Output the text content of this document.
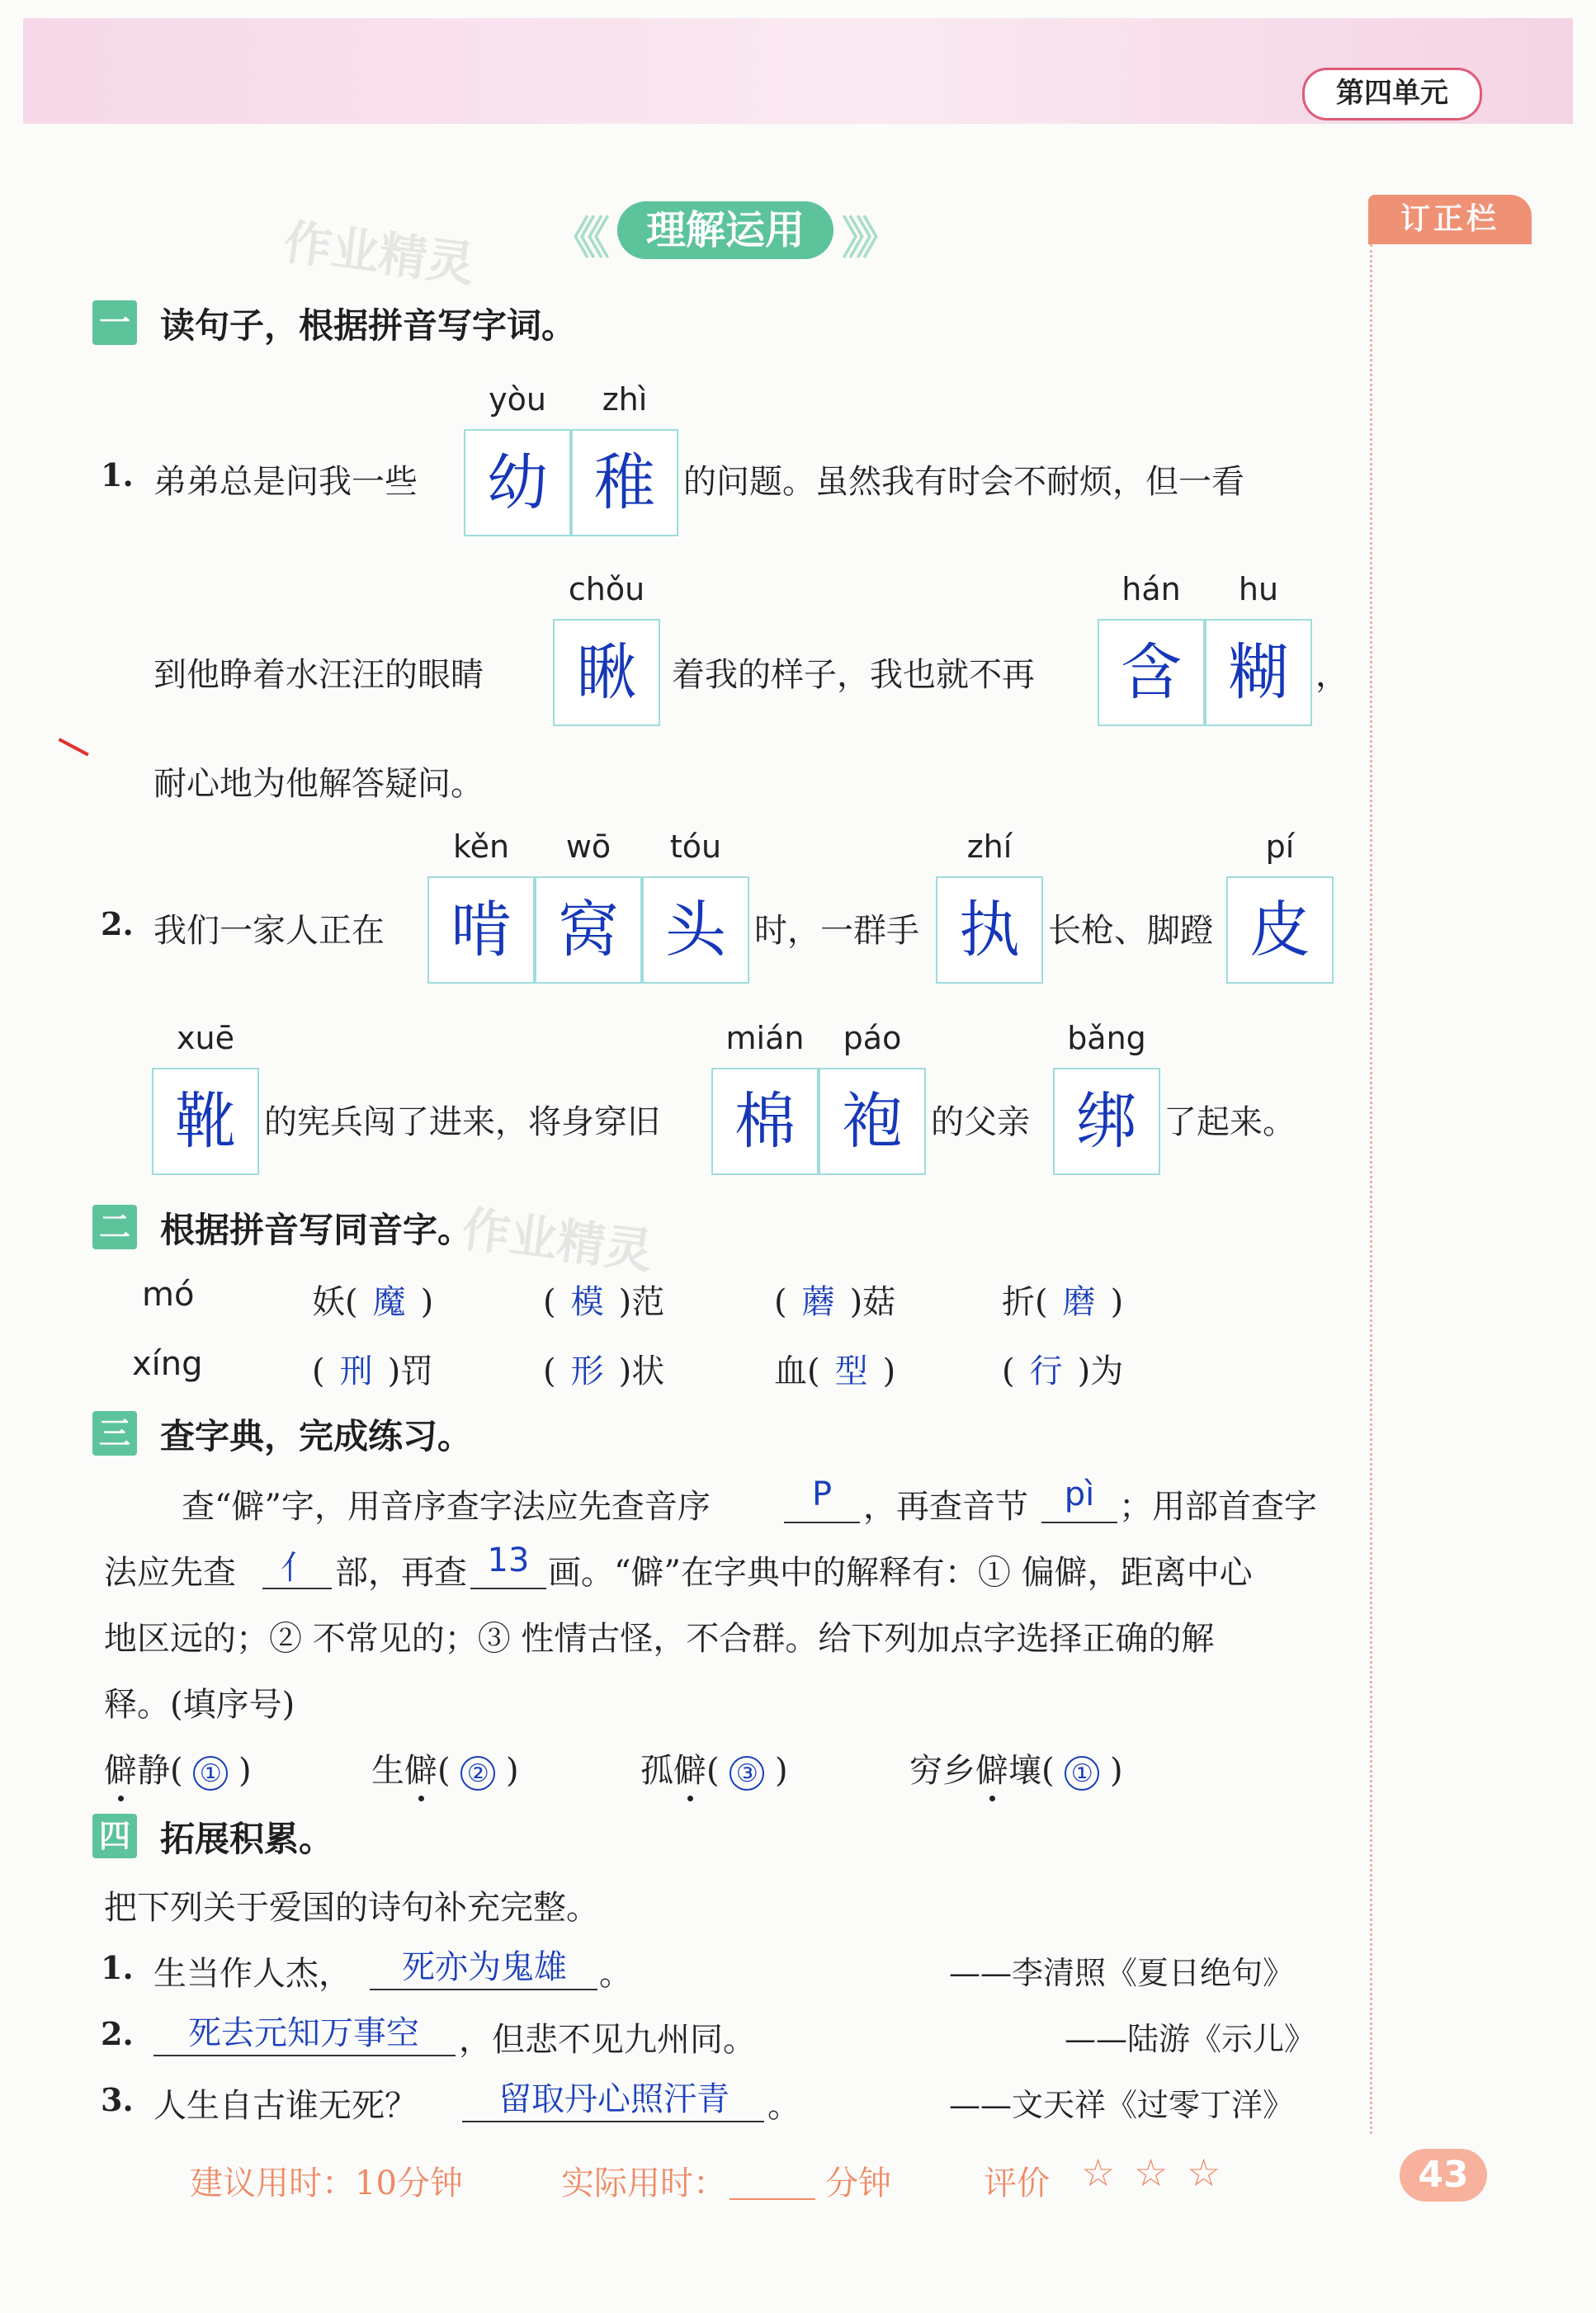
第四单元
订正栏
《《	理解运用 》》
作业精灵
一 读句子，根据拼音写字词。
1. 弟弟总是问我一些
yòu	zhì
幼 稚 的问题。虽然我有时会不耐烦，但一看
到他睁着水汪汪的眼睛
chǒu
瞅	着我的样子，我也就不再
hán	hu
含 糊 ，
耐心地为他解答疑问。
2. 我们一家人正在
kěn	wō	tóu
啃 窝 头 时，一群手
zhí
执 长枪、脚蹬
pí
皮
xuē
靴 的宪兵闯了进来，将身穿旧
mián	páo
棉 袍 的父亲
bǎng
绑 了起来。
二 根据拼音写同音字。
作业精灵
mó	妖( 魔 )	( 模 )范	( 蘑 )菇	折( 磨 )
xíng	( 刑 )罚	( 形 )状	血( 型 )	( 行 )为
三 查字典，完成练习。
查“僻”字，用音序查字法应先查音序	P ，再查音节	pì ；用部首查字
法应先查	亻 部，再查 13 画。“僻”在字典中的解释有：① 偏僻，距离中心
地区远的；② 不常见的；③ 性情古怪，不合群。给下列加点字选择正确的解
释。(填序号)
僻静( ① )	生僻( ② )	孤僻( ③ )	穷乡僻壤( ① )
四 拓展积累。
把下列关于爱国的诗句补充完整。
1. 生当作人杰，	死亦为鬼雄 。	——李清照《夏日绝句》
2.	死去元知万事空	，但悲不见九州同。	——陆游《示儿》
3. 人生自古谁无死？	留取丹心照汗青	。	——文天祥《过零丁洋》
建议用时：10分钟	实际用时：	分钟	评价 ☆ ☆ ☆	43
